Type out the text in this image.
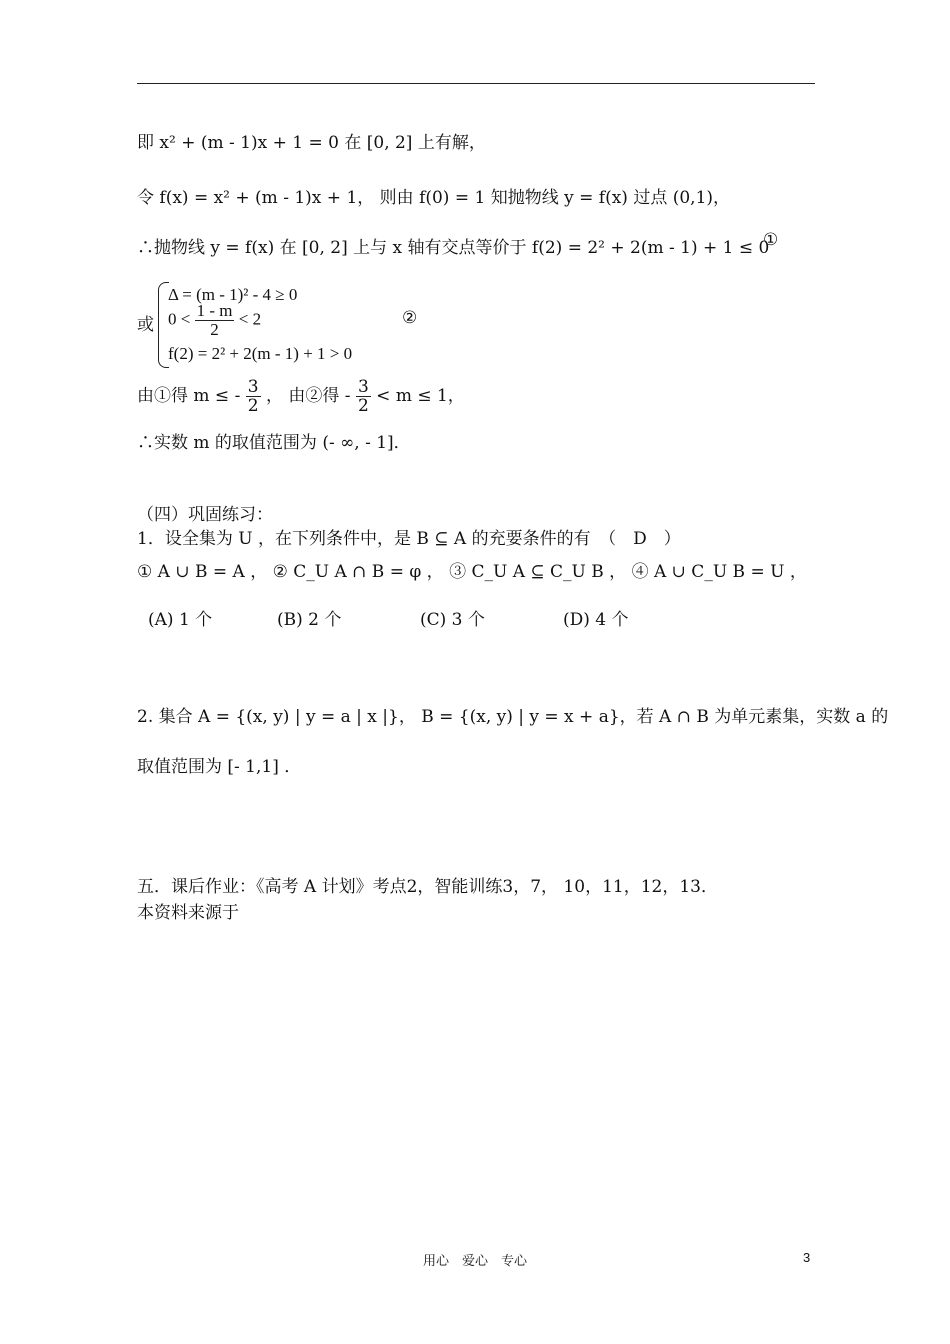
即 x² + (m - 1)x + 1 = 0 在 [0, 2] 上有解，
令 f(x) = x² + (m - 1)x + 1， 则由 f(0) = 1 知抛物线 y = f(x) 过点 (0,1)，
∴抛物线 y = f(x) 在 [0, 2] 上与 x 轴有交点等价于 f(2) = 2² + 2(m - 1) + 1 ≤ 0
①
或
Δ = (m - 1)² - 4 ≥ 0
$0 < \frac{1 - m}{2} < 2$
f(2) = 2² + 2(m - 1) + 1 > 0
②
由①得 m ≤ - $\frac{3}{2}$ ， 由②得 - $\frac{3}{2} < m \le 1$，
∴实数 m 的取值范围为 (- ∞, - 1]．
（四）巩固练习：
1．设全集为 U ，在下列条件中，是 B ⊆ A 的充要条件的有　（　D　）
① A ∪ B = A ， ② C_U A ∩ B = φ ， ③ C_U A ⊆ C_U B ， ④ A ∪ C_U B = U ，
(A) 1 个	(B) 2 个	(C) 3 个	(D) 4 个
2. 集合 A = {(x, y) | y = a | x |}， B = {(x, y) | y = x + a}，若 A ∩ B 为单元素集，实数 a 的
取值范围为 [- 1,1] ．
五．课后作业：《高考 A 计划》考点2，智能训练3，7， 10，11，12，13．
本资料来源于
用心　爱心　专心	3
